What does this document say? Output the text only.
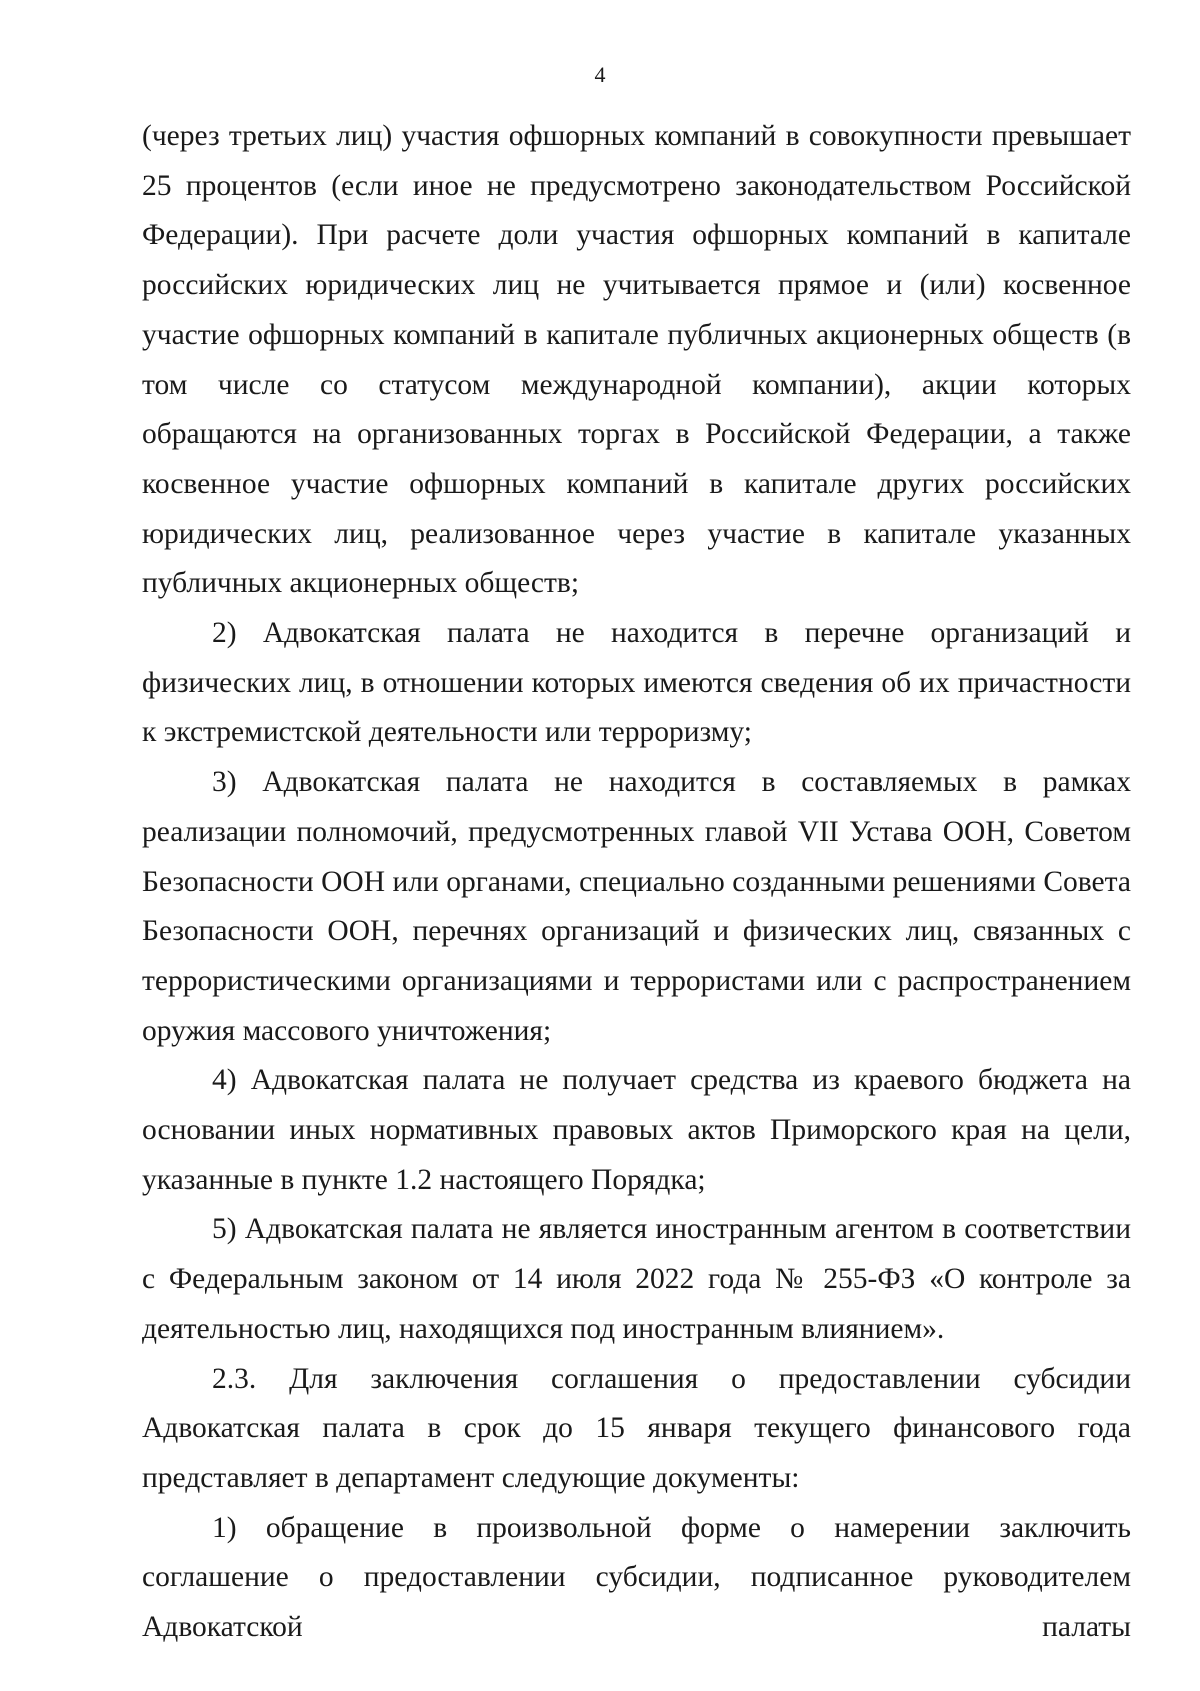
4

(через третьих лиц) участия офшорных компаний в совокупности превышает 25 процентов (если иное не предусмотрено законодательством Российской Федерации). При расчете доли участия офшорных компаний в капитале российских юридических лиц не учитывается прямое и (или) косвенное участие офшорных компаний в капитале публичных акционерных обществ (в том числе со статусом международной компании), акции которых обращаются на организованных торгах в Российской Федерации, а также косвенное участие офшорных компаний в капитале других российских юридических лиц, реализованное через участие в капитале указанных публичных акционерных обществ;

2) Адвокатская палата не находится в перечне организаций и физических лиц, в отношении которых имеются сведения об их причастности к экстремистской деятельности или терроризму;

3) Адвокатская палата не находится в составляемых в рамках реализации полномочий, предусмотренных главой VII Устава ООН, Советом Безопасности ООН или органами, специально созданными решениями Совета Безопасности ООН, перечнях организаций и физических лиц, связанных с террористическими организациями и террористами или с распространением оружия массового уничтожения;

4) Адвокатская палата не получает средства из краевого бюджета на основании иных нормативных правовых актов Приморского края на цели, указанные в пункте 1.2 настоящего Порядка;

5) Адвокатская палата не является иностранным агентом в соответствии с Федеральным законом от 14 июля 2022 года № 255-ФЗ «О контроле за деятельностью лиц, находящихся под иностранным влиянием».

2.3. Для заключения соглашения о предоставлении субсидии Адвокатская палата в срок до 15 января текущего финансового года представляет в департамент следующие документы:

1) обращение в произвольной форме о намерении заключить соглашение о предоставлении субсидии, подписанное руководителем Адвокатской палаты
